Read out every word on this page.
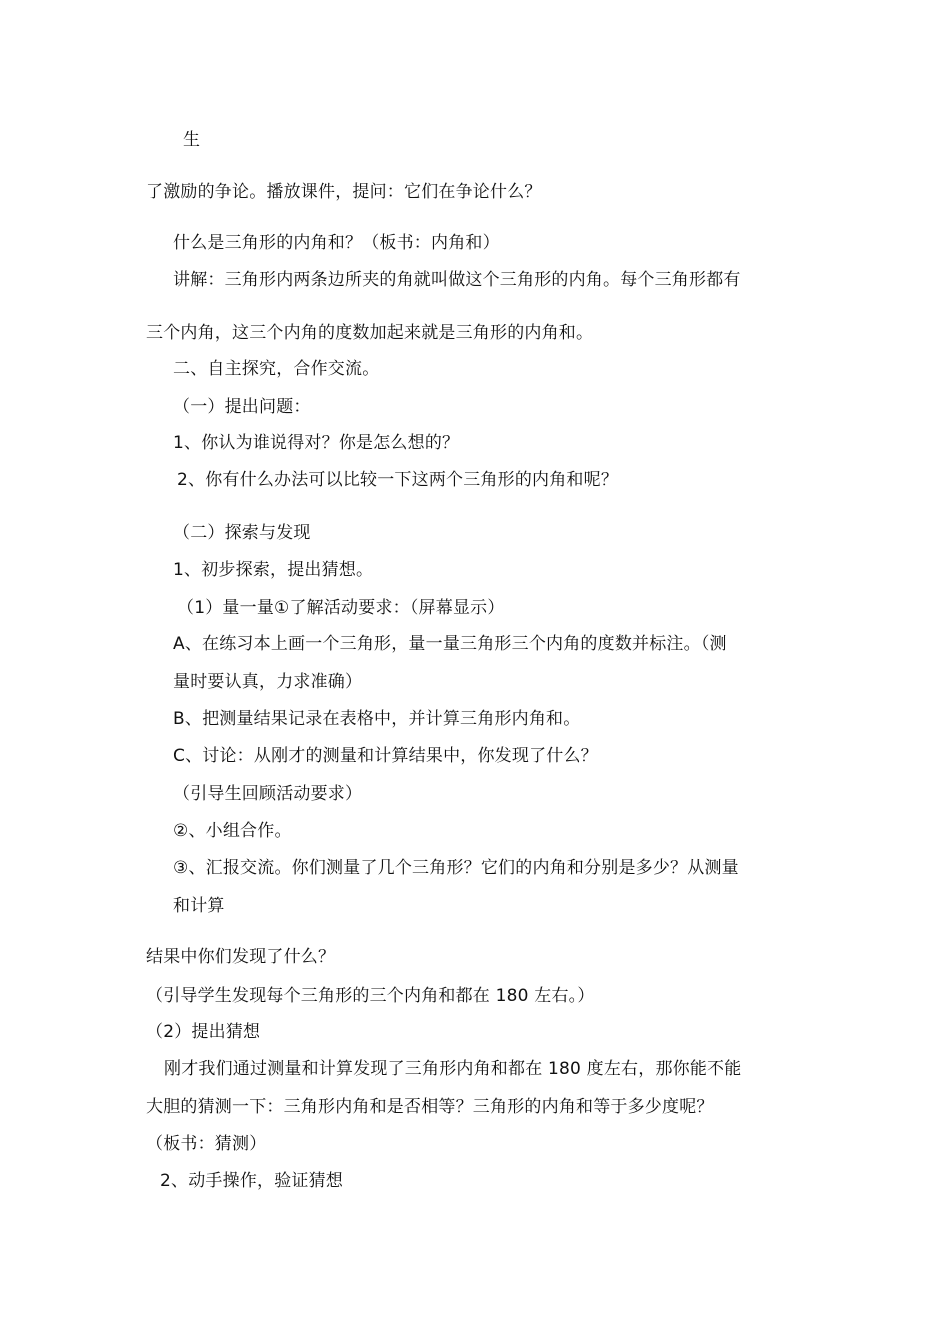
生

了激励的争论。播放课件，提问：它们在争论什么？

什么是三角形的内角和？（板书：内角和）

讲解：三角形内两条边所夹的角就叫做这个三角形的内角。每个三角形都有

三个内角，这三个内角的度数加起来就是三角形的内角和。

二、自主探究，合作交流。

（一）提出问题：

1、你认为谁说得对？你是怎么想的？

2、你有什么办法可以比较一下这两个三角形的内角和呢？

（二）探索与发现

1、初步探索，提出猜想。

（1）量一量①了解活动要求：（屏幕显示）

A、在练习本上画一个三角形，量一量三角形三个内角的度数并标注。（测

量时要认真，力求准确）

B、把测量结果记录在表格中，并计算三角形内角和。

C、讨论：从刚才的测量和计算结果中，你发现了什么？

（引导生回顾活动要求）

②、小组合作。

③、汇报交流。你们测量了几个三角形？它们的内角和分别是多少？从测量

和计算

结果中你们发现了什么？

（引导学生发现每个三角形的三个内角和都在 180 左右。）

（2）提出猜想

刚才我们通过测量和计算发现了三角形内角和都在 180 度左右，那你能不能

大胆的猜测一下：三角形内角和是否相等？三角形的内角和等于多少度呢？

（板书：猜测）

2、动手操作，验证猜想
